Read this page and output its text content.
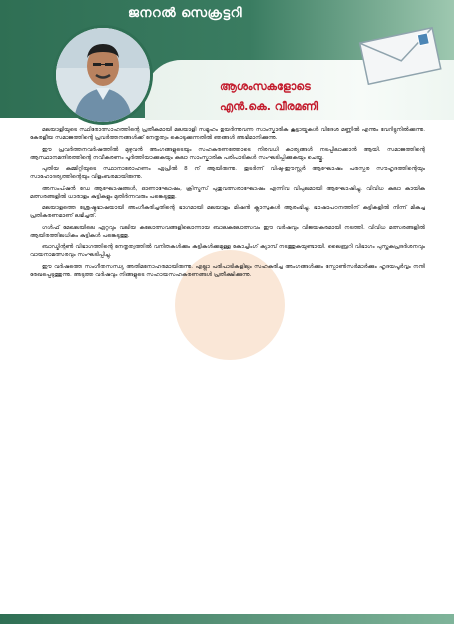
ജനറൽ സെക്രട്ടറി
ആശംസകളോടെ
എൻ.കെ. വീരമണി

മലയാളിയുടെ സ്ഥിരോത്സാഹത്തിന്റെ പ്രതീകമായി മലയാളി സമൂഹം ഉയർന്നുവന്ന സാംസ്കാരിക കൂട്ടായ്മകൾ വിദേശ മണ്ണിൽ എന്നും വേറിട്ടുനിൽക്കുന്നു. കേരളീയ സമാജത്തിന്റെ പ്രവർത്തനങ്ങൾക്ക് നേതൃത്വം കൊടുക്കുന്നതിൽ ഞങ്ങൾ അഭിമാനിക്കുന്നു.

ഈ പ്രവർത്തനവർഷത്തിൽ മുഴുവൻ അംഗങ്ങളുടെയും സഹകരണത്തോടെ നിരവധി കാര്യങ്ങൾ നടപ്പിലാക്കാൻ ആയി. സമാജത്തിന്റെ ആസ്ഥാനമന്ദിരത്തിന്റെ നവീകരണം പൂർത്തിയാക്കുകയും കലാ സാംസ്കാരിക പരിപാടികൾ സംഘടിപ്പിക്കുകയും ചെയ്തു.

പുതിയ കമ്മിറ്റിയുടെ സ്ഥാനാരോഹണം ഏപ്രിൽ 8 ന് ആയിരുന്നു. തുടർന്ന് വിഷു-ഈസ്റ്റർ ആഘോഷം പരസ്പര സൗഹൃദത്തിന്റെയും സാഹോദര്യത്തിന്റെയും വിളംബരമായിരുന്നു.

അസംപ്ഷൻ ഡേ ആഘോഷങ്ങൾ, ഓണാഘോഷം, ക്രിസ്മസ് പുതുവത്സരാഘോഷം എന്നിവ വിപുലമായി ആഘോഷിച്ചു. വിവിധ കലാ കായിക മത്സരങ്ങളിൽ ധാരാളം കുട്ടികളും മുതിർന്നവരും പങ്കെടുത്തു.

മലയാളത്തെ ശ്രേഷ്ഠഭാഷയായി അംഗീകരിച്ചതിന്റെ ഭാഗമായി മലയാളം മിഷൻ ക്ലാസുകൾ ആരംഭിച്ചു. ഭാഷാപഠനത്തിന് കുട്ടികളിൽ നിന്ന് മികച്ച പ്രതികരണമാണ് ലഭിച്ചത്.

ഗൾഫ് മേഖലയിലെ ഏറ്റവും വലിയ കലോത്സവങ്ങളിലൊന്നായ ബാലകലോത്സവം ഈ വർഷവും വിജയകരമായി നടത്തി. വിവിധ മത്സരങ്ങളിൽ ആയിരത്തിലധികം കുട്ടികൾ പങ്കെടുത്തു.

ബാഡ്മിന്റൺ വിഭാഗത്തിന്റെ നേതൃത്വത്തിൽ വനിതകൾക്കും കുട്ടികൾക്കുമുള്ള കോച്ചിംഗ് ക്യാമ്പ് നടത്തുകയുണ്ടായി. ലൈബ്രറി വിഭാഗം പുസ്തകപ്രദർശനവും വായനാമത്സരവും സംഘടിപ്പിച്ചു.

ഈ വർഷത്തെ സംഗീതസന്ധ്യ അതിമനോഹരമായിരുന്നു. എല്ലാ പരിപാടികളിലും സഹകരിച്ച അംഗങ്ങൾക്കും സ്പോൺസർമാർക്കും ഹൃദയപൂർവ്വം നന്ദി രേഖപ്പെടുത്തുന്നു. അടുത്ത വർഷവും നിങ്ങളുടെ സഹായസഹകരണങ്ങൾ പ്രതീക്ഷിക്കുന്നു.
